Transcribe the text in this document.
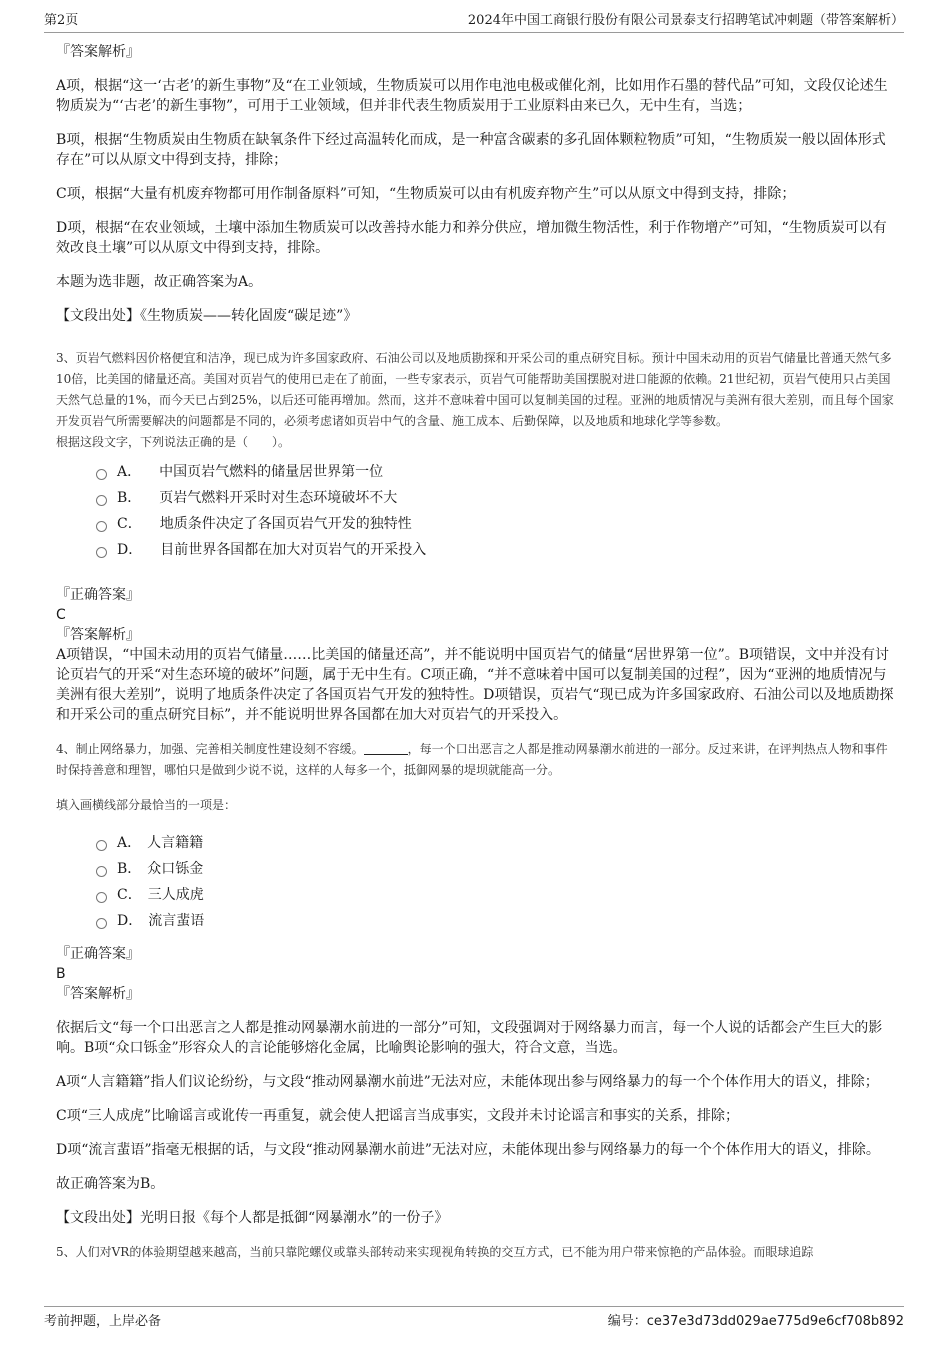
第2页	2024年中国工商银行股份有限公司景泰支行招聘笔试冲刺题（带答案解析）

『答案解析』

A项，根据“这一‘古老’的新生事物”及“在工业领域，生物质炭可以用作电池电极或催化剂，比如用作石墨的替代品”可知，文段仅论述生物质炭为“‘古老’的新生事物”，可用于工业领域，但并非代表生物质炭用于工业原料由来已久，无中生有，当选；

B项，根据“生物质炭由生物质在缺氧条件下经过高温转化而成，是一种富含碳素的多孔固体颗粒物质”可知，“生物质炭一般以固体形式存在”可以从原文中得到支持，排除；

C项，根据“大量有机废弃物都可用作制备原料”可知，“生物质炭可以由有机废弃物产生”可以从原文中得到支持，排除；

D项，根据“在农业领域，土壤中添加生物质炭可以改善持水能力和养分供应，增加微生物活性，利于作物增产”可知，“生物质炭可以有效改良土壤”可以从原文中得到支持，排除。

本题为选非题，故正确答案为A。

【文段出处】《生物质炭——转化固废“碳足迹”》

3、页岩气燃料因价格便宜和洁净，现已成为许多国家政府、石油公司以及地质勘探和开采公司的重点研究目标。预计中国未动用的页岩气储量比普通天然气多10倍，比美国的储量还高。美国对页岩气的使用已走在了前面，一些专家表示，页岩气可能帮助美国摆脱对进口能源的依赖。21世纪初，页岩气使用只占美国天然气总量的1%，而今天已占到25%，以后还可能再增加。然而，这并不意味着中国可以复制美国的过程。亚洲的地质情况与美洲有很大差别，而且每个国家开发页岩气所需要解决的问题都是不同的，必须考虑诸如页岩中气的含量、施工成本、后勤保障，以及地质和地球化学等参数。

根据这段文字，下列说法正确的是（　　）。

A． 中国页岩气燃料的储量居世界第一位
B． 页岩气燃料开采时对生态环境破坏不大
C． 地质条件决定了各国页岩气开发的独特性
D． 目前世界各国都在加大对页岩气的开采投入

『正确答案』

C

『答案解析』

A项错误，“中国未动用的页岩气储量……比美国的储量还高”，并不能说明中国页岩气的储量“居世界第一位”。B项错误，文中并没有讨论页岩气的开采“对生态环境的破坏”问题，属于无中生有。C项正确，“并不意味着中国可以复制美国的过程”，因为“亚洲的地质情况与美洲有很大差别”，说明了地质条件决定了各国页岩气开发的独特性。D项错误，页岩气“现已成为许多国家政府、石油公司以及地质勘探和开采公司的重点研究目标”，并不能说明世界各国都在加大对页岩气的开采投入。

4、制止网络暴力，加强、完善相关制度性建设刻不容缓。	，每一个口出恶言之人都是推动网暴潮水前进的一部分。反过来讲，在评判热点人物和事件时保持善意和理智，哪怕只是做到少说不说，这样的人每多一个，抵御网暴的堤坝就能高一分。

填入画横线部分最恰当的一项是：

A． 人言籍籍
B． 众口铄金
C． 三人成虎
D． 流言蜚语

『正确答案』

B

『答案解析』

依据后文“每一个口出恶言之人都是推动网暴潮水前进的一部分”可知，文段强调对于网络暴力而言，每一个人说的话都会产生巨大的影响。B项“众口铄金”形容众人的言论能够熔化金属，比喻舆论影响的强大，符合文意，当选。

A项“人言籍籍”指人们议论纷纷，与文段“推动网暴潮水前进”无法对应，未能体现出参与网络暴力的每一个个体作用大的语义，排除；

C项“三人成虎”比喻谣言或讹传一再重复，就会使人把谣言当成事实，文段并未讨论谣言和事实的关系，排除；

D项“流言蜚语”指毫无根据的话，与文段“推动网暴潮水前进”无法对应，未能体现出参与网络暴力的每一个个体作用大的语义，排除。

故正确答案为B。

【文段出处】光明日报《每个人都是抵御“网暴潮水”的一份子》

5、人们对VR的体验期望越来越高，当前只靠陀螺仪或靠头部转动来实现视角转换的交互方式，已不能为用户带来惊艳的产品体验。而眼球追踪

考前押题，上岸必备	编号：ce37e3d73dd029ae775d9e6cf708b892
